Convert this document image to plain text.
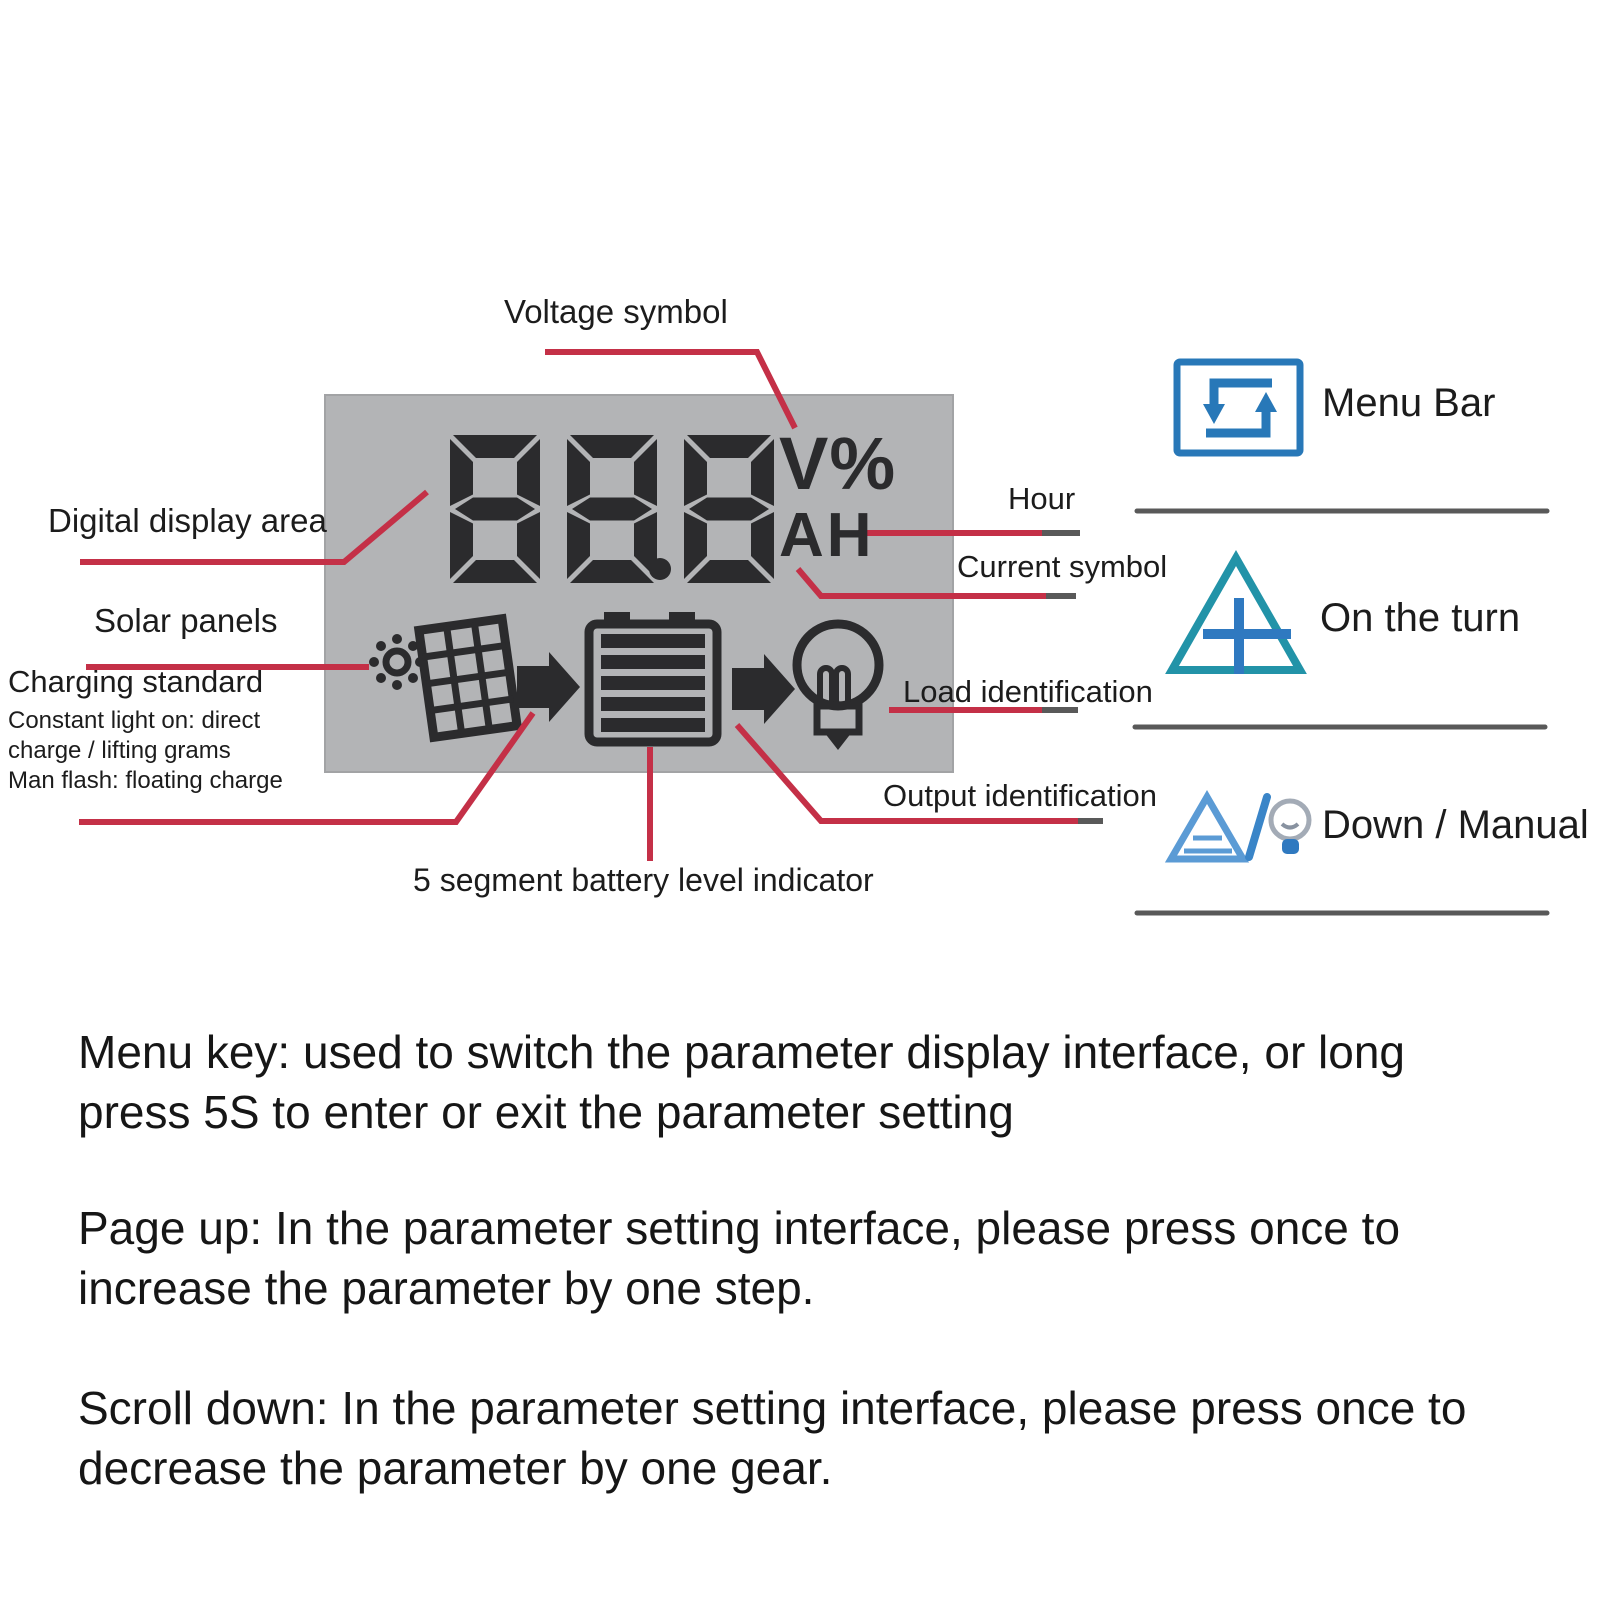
V%
AH
Voltage symbol
Digital display area
Solar panels
Charging standard
Constant light on: direct
charge / lifting grams
Man flash: floating charge
5 segment battery level indicator
Hour
Current symbol
Load identification
Output identification
Menu Bar
On the turn
Down / Manual
Menu key: used to switch the parameter display interface, or long
press 5S to enter or exit the parameter setting
Page up: In the parameter setting interface, please press once to
increase the parameter by one step.
Scroll down: In the parameter setting interface, please press once to
decrease the parameter by one gear.
